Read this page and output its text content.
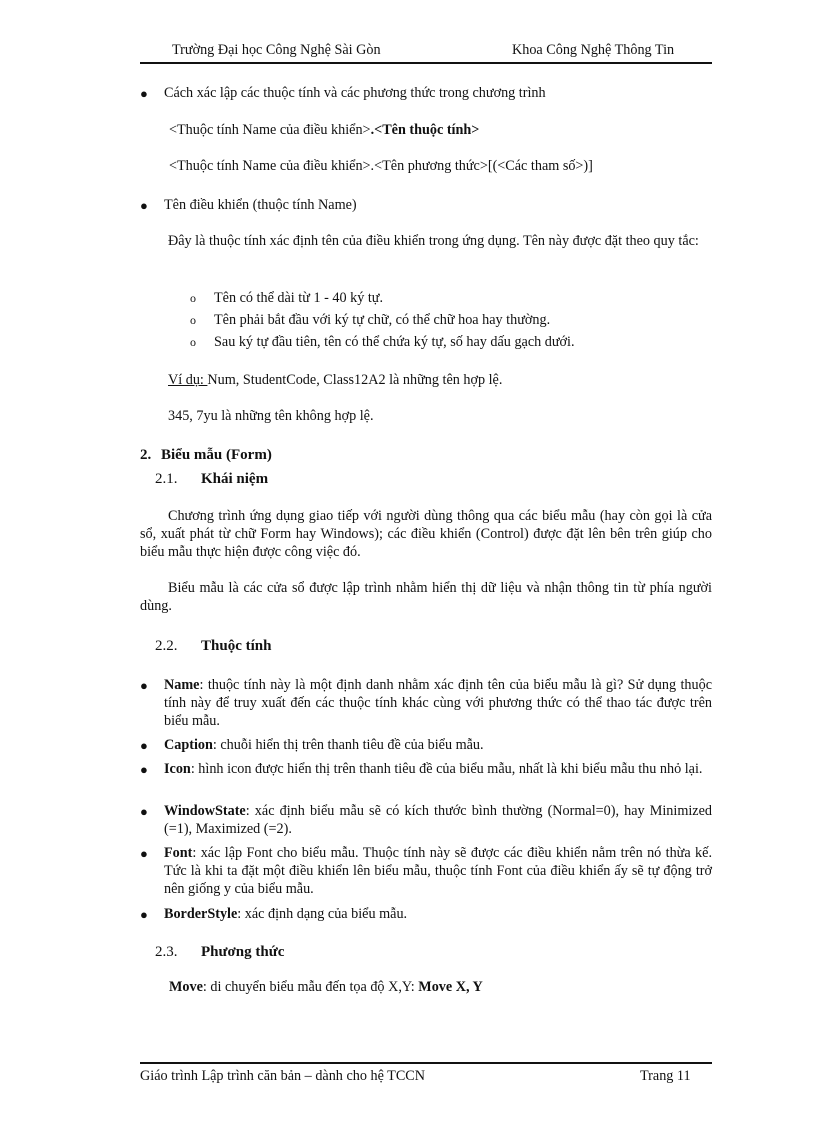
Trường Đại học Công Nghệ Sài Gòn	Khoa Công Nghệ Thông Tin
● Cách xác lập các thuộc tính và các phương thức trong chương trình
<Thuộc tính Name của điều khiển>.<Tên thuộc tính>
<Thuộc tính Name của điều khiển>.<Tên phương thức>[(<Các tham số>)]
● Tên điều khiển (thuộc tính Name)
Đây là thuộc tính xác định tên của điều khiển trong ứng dụng. Tên này được đặt theo quy tắc:
o Tên có thể dài từ 1 - 40 ký tự.
o Tên phải bắt đầu với ký tự chữ, có thể chữ hoa hay thường.
o Sau ký tự đầu tiên, tên có thể chứa ký tự, số hay dấu gạch dưới.
Ví dụ: Num, StudentCode, Class12A2 là những tên hợp lệ.
345, 7yu là những tên không hợp lệ.
2. Biểu mẫu (Form)
2.1. Khái niệm
Chương trình ứng dụng giao tiếp với người dùng thông qua các biểu mẫu (hay còn gọi là cửa sổ, xuất phát từ chữ Form hay Windows); các điều khiển (Control) được đặt lên bên trên giúp cho biểu mẫu thực hiện được công việc đó.
Biểu mẫu là các cửa sổ được lập trình nhằm hiển thị dữ liệu và nhận thông tin từ phía người dùng.
2.2. Thuộc tính
● Name: thuộc tính này là một định danh nhằm xác định tên của biểu mẫu là gì? Sử dụng thuộc tính này để truy xuất đến các thuộc tính khác cùng với phương thức có thể thao tác được trên biểu mẫu.
● Caption: chuỗi hiển thị trên thanh tiêu đề của biểu mẫu.
● Icon: hình icon được hiển thị trên thanh tiêu đề của biểu mẫu, nhất là khi biểu mẫu thu nhỏ lại.
● WindowState: xác định biểu mẫu sẽ có kích thước bình thường (Normal=0), hay Minimized (=1), Maximized (=2).
● Font: xác lập Font cho biểu mẫu. Thuộc tính này sẽ được các điều khiển nằm trên nó thừa kế. Tức là khi ta đặt một điều khiển lên biểu mẫu, thuộc tính Font của điều khiển ấy sẽ tự động trở nên giống y của biểu mẫu.
● BorderStyle: xác định dạng của biểu mẫu.
2.3. Phương thức
Move: di chuyển biểu mẫu đến tọa độ X,Y: Move X, Y
Giáo trình Lập trình căn bản – dành cho hệ TCCN	Trang 11
